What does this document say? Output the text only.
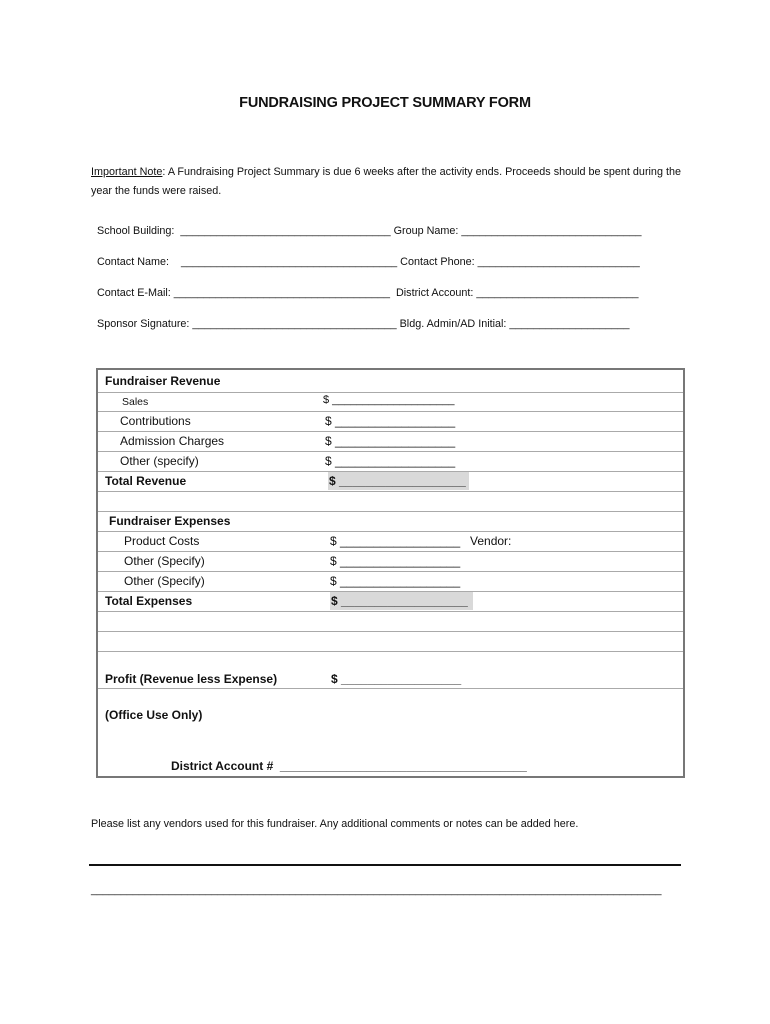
FUNDRAISING PROJECT SUMMARY FORM
Important Note: A Fundraising Project Summary is due 6 weeks after the activity ends. Proceeds should be spent during the year the funds were raised.

School Building:  ___________________________________ Group Name: ______________________________

Contact Name:    ____________________________________ Contact Phone: ___________________________

Contact E-Mail: ____________________________________  District Account: ___________________________

Sponsor Signature: __________________________________ Bldg. Admin/AD Initial: ____________________

Fundraiser Revenue
Sales	$ ____________________
Contributions	$ __________________
Admission Charges	$ __________________
Other (specify)	$ __________________
Total Revenue	$ ___________________
Fundraiser Expenses
Product Costs	$ __________________ Vendor:
Other (Specify)	$ __________________
Other (Specify)	$ __________________
Total Expenses	$ ___________________
Profit (Revenue less Expense)	$ __________________
(Office Use Only)
District Account #  _____________________________________
Please list any vendors used for this fundraiser. Any additional comments or notes can be added here.
_______________________________________________________________________________________________
